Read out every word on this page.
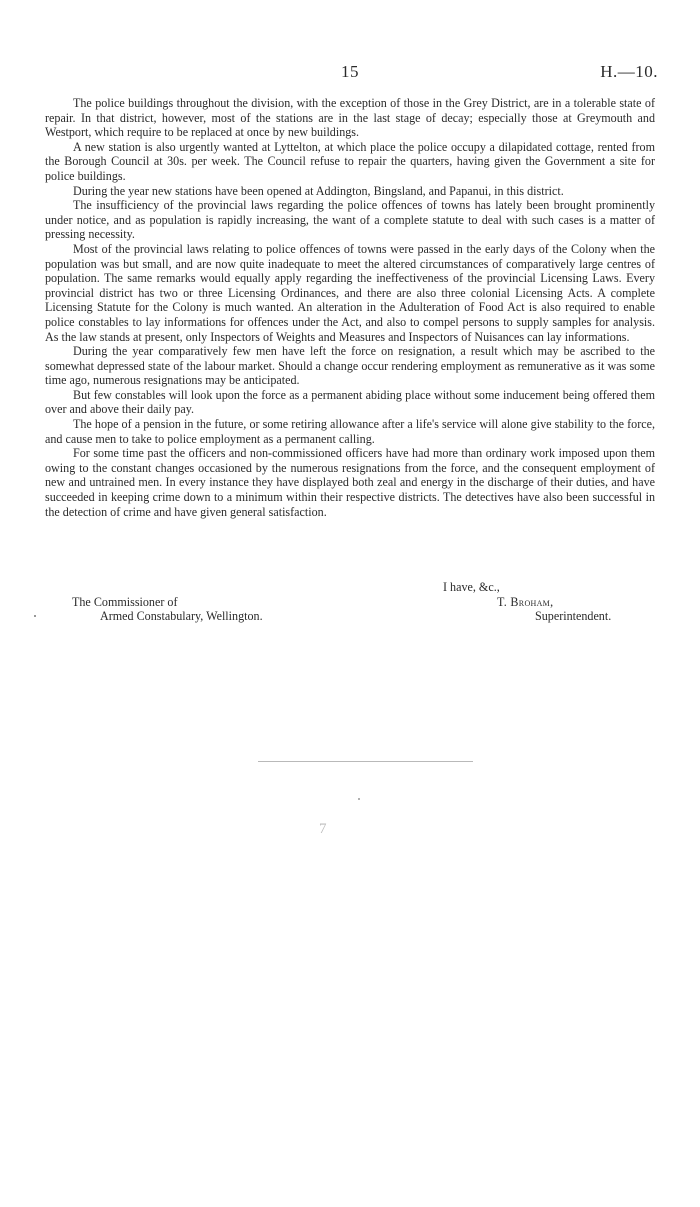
15	H.—10.

The police buildings throughout the division, with the exception of those in the Grey District, are in a tolerable state of repair. In that district, however, most of the stations are in the last stage of decay; especially those at Greymouth and Westport, which require to be replaced at once by new buildings.

A new station is also urgently wanted at Lyttelton, at which place the police occupy a dilapidated cottage, rented from the Borough Council at 30s. per week. The Council refuse to repair the quarters, having given the Government a site for police buildings.

During the year new stations have been opened at Addington, Bingsland, and Papanui, in this district.

The insufficiency of the provincial laws regarding the police offences of towns has lately been brought prominently under notice, and as population is rapidly increasing, the want of a complete statute to deal with such cases is a matter of pressing necessity.

Most of the provincial laws relating to police offences of towns were passed in the early days of the Colony when the population was but small, and are now quite inadequate to meet the altered circumstances of comparatively large centres of population. The same remarks would equally apply regarding the ineffectiveness of the provincial Licensing Laws. Every provincial district has two or three Licensing Ordinances, and there are also three colonial Licensing Acts. A complete Licensing Statute for the Colony is much wanted. An alteration in the Adulteration of Food Act is also required to enable police constables to lay informations for offences under the Act, and also to compel persons to supply samples for analysis. As the law stands at present, only Inspectors of Weights and Measures and Inspectors of Nuisances can lay informations.

During the year comparatively few men have left the force on resignation, a result which may be ascribed to the somewhat depressed state of the labour market. Should a change occur rendering employment as remunerative as it was some time ago, numerous resignations may be anticipated.

But few constables will look upon the force as a permanent abiding place without some inducement being offered them over and above their daily pay.

The hope of a pension in the future, or some retiring allowance after a life's service will alone give stability to the force, and cause men to take to police employment as a permanent calling.

For some time past the officers and non-commissioned officers have had more than ordinary work imposed upon them owing to the constant changes occasioned by the numerous resignations from the force, and the consequent employment of new and untrained men. In every instance they have displayed both zeal and energy in the discharge of their duties, and have succeeded in keeping crime down to a minimum within their respective districts. The detectives have also been successful in the detection of crime and have given general satisfaction.

I have, &c.,
The Commissioner of	T. Broham,
Armed Constabulary, Wellington.	Superintendent.
7
